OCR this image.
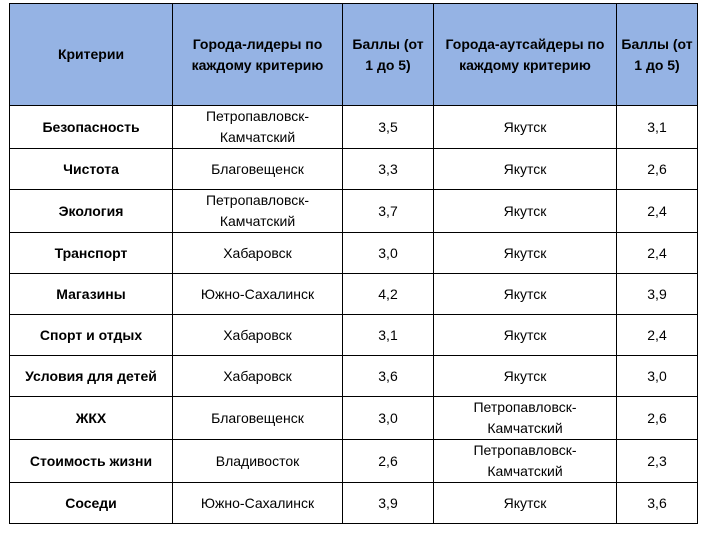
Критерии	Города-лидеры по каждому критерию	Баллы (от 1 до 5)	Города-аутсайдеры по каждому критерию	Баллы (от 1 до 5)
Безопасность	Петропавловск-Камчатский	3,5	Якутск	3,1
Чистота	Благовещенск	3,3	Якутск	2,6
Экология	Петропавловск-Камчатский	3,7	Якутск	2,4
Транспорт	Хабаровск	3,0	Якутск	2,4
Магазины	Южно-Сахалинск	4,2	Якутск	3,9
Спорт и отдых	Хабаровск	3,1	Якутск	2,4
Условия для детей	Хабаровск	3,6	Якутск	3,0
ЖКХ	Благовещенск	3,0	Петропавловск-Камчатский	2,6
Стоимость жизни	Владивосток	2,6	Петропавловск-Камчатский	2,3
Соседи	Южно-Сахалинск	3,9	Якутск	3,6
